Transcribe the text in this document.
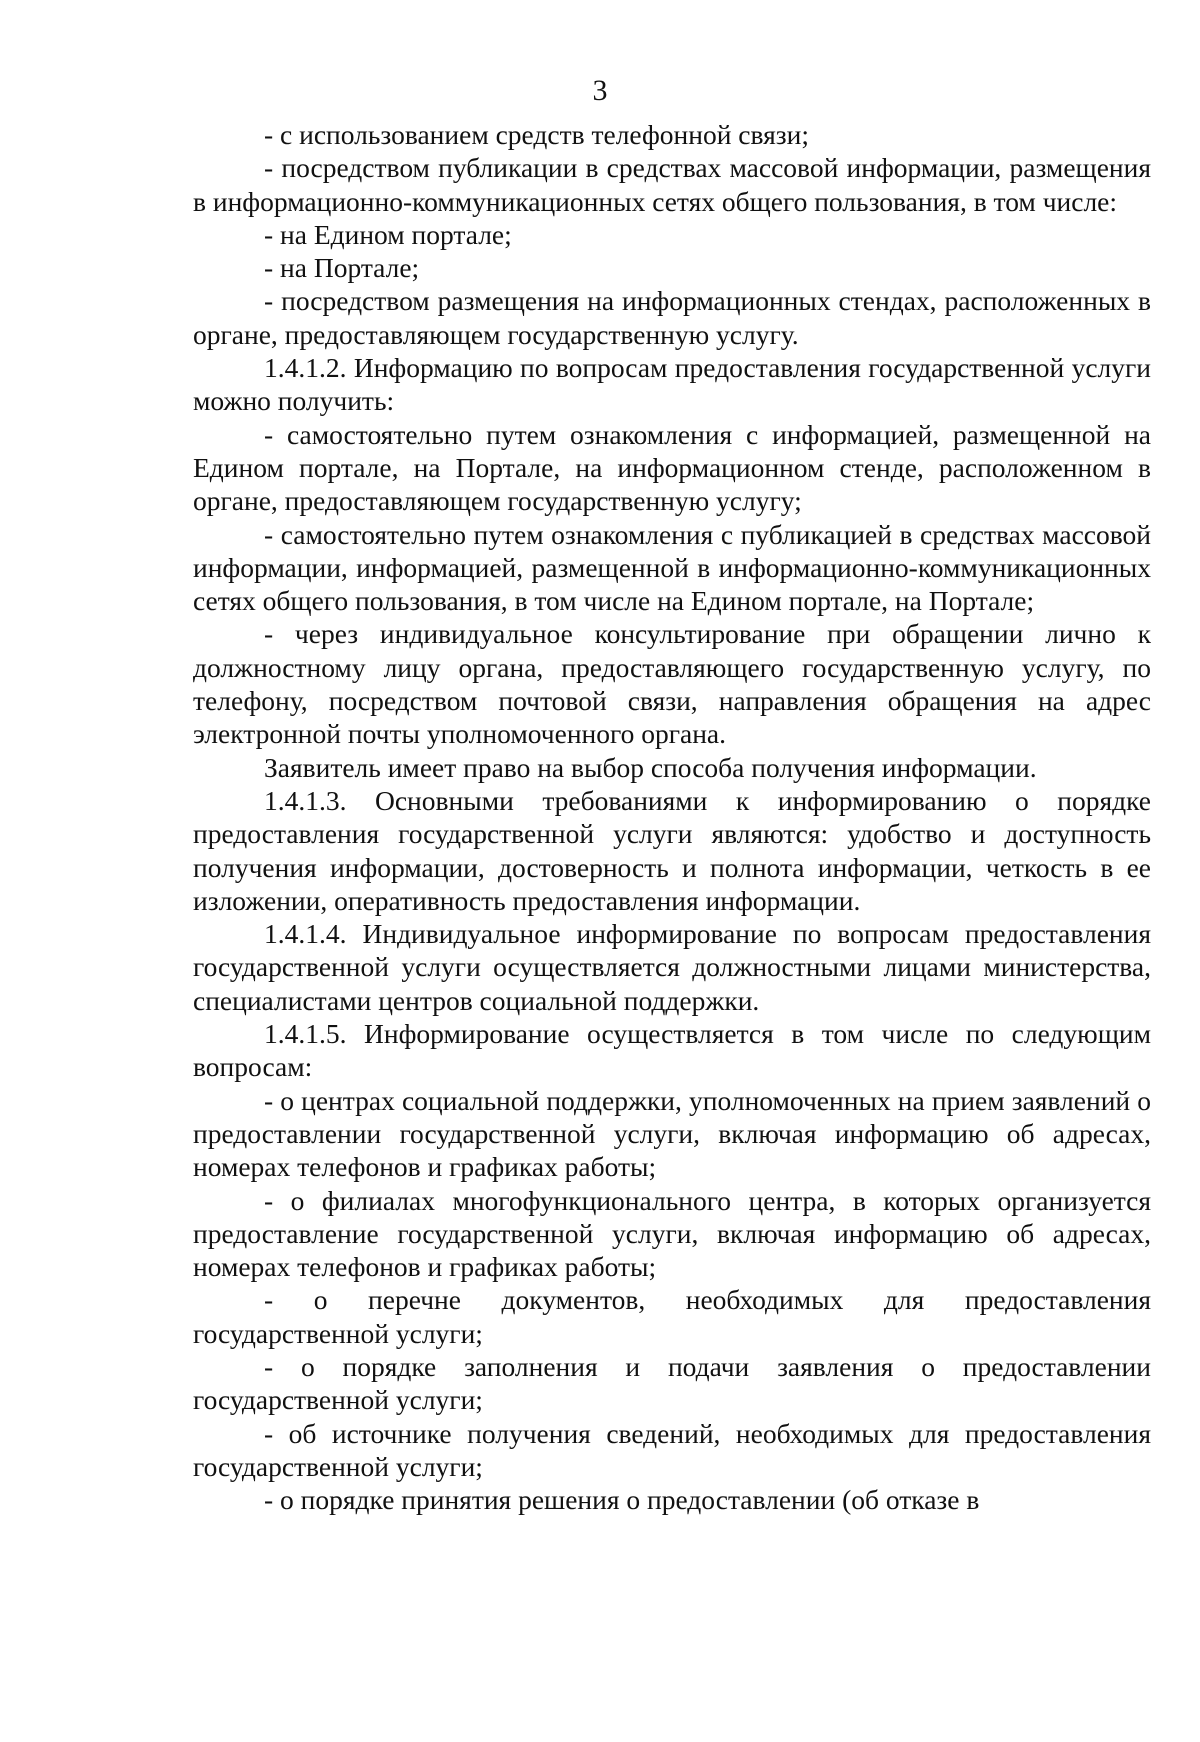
3

- с использованием средств телефонной связи;

- посредством публикации в средствах массовой информации, размещения в информационно-коммуникационных сетях общего пользования, в том числе:

- на Едином портале;

- на Портале;

- посредством размещения на информационных стендах, расположенных в органе, предоставляющем государственную услугу.

1.4.1.2. Информацию по вопросам предоставления государственной услуги можно получить:

- самостоятельно путем ознакомления с информацией, размещенной на Едином портале, на Портале, на информационном стенде, расположенном в органе, предоставляющем государственную услугу;

- самостоятельно путем ознакомления с публикацией в средствах массовой информации, информацией, размещенной в информационно-коммуникационных сетях общего пользования, в том числе на Едином портале, на Портале;

- через индивидуальное консультирование при обращении лично к должностному лицу органа, предоставляющего государственную услугу, по телефону, посредством почтовой связи, направления обращения на адрес электронной почты уполномоченного органа.

Заявитель имеет право на выбор способа получения информации.

1.4.1.3. Основными требованиями к информированию о порядке предоставления государственной услуги являются: удобство и доступность получения информации, достоверность и полнота информации, четкость в ее изложении, оперативность предоставления информации.

1.4.1.4. Индивидуальное информирование по вопросам предоставления государственной услуги осуществляется должностными лицами министерства, специалистами центров социальной поддержки.

1.4.1.5. Информирование осуществляется в том числе по следующим вопросам:

- о центрах социальной поддержки, уполномоченных на прием заявлений о предоставлении государственной услуги, включая информацию об адресах, номерах телефонов и графиках работы;

- о филиалах многофункционального центра, в которых организуется предоставление государственной услуги, включая информацию об адресах, номерах телефонов и графиках работы;

- о перечне документов, необходимых для предоставления государственной услуги;

- о порядке заполнения и подачи заявления о предоставлении государственной услуги;

- об источнике получения сведений, необходимых для предоставления государственной услуги;

- о порядке принятия решения о предоставлении (об отказе в
